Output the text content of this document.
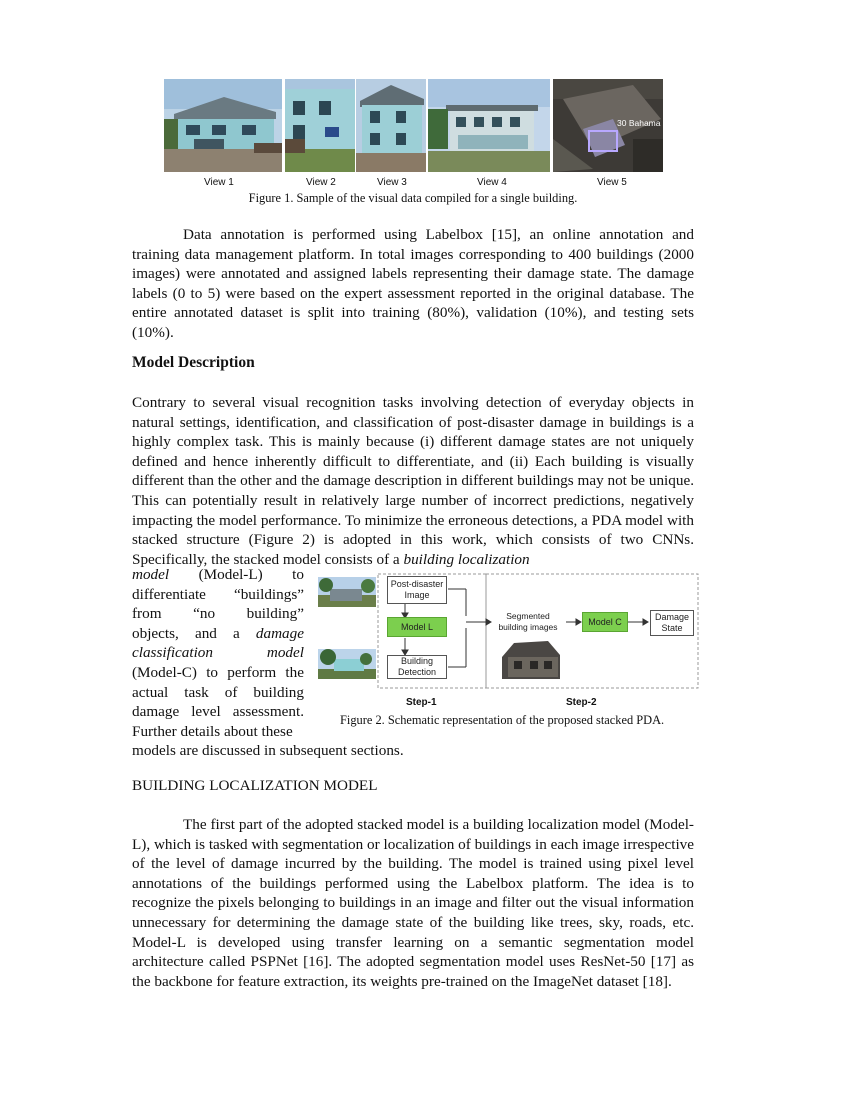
30 Bahama
View 1	View 2	View 3	View 4	View 5
Figure 1. Sample of the visual data compiled for a single building.
Data annotation is performed using Labelbox [15], an online annotation and training data management platform. In total images corresponding to 400 buildings (2000 images) were annotated and assigned labels representing their damage state. The damage labels (0 to 5) were based on the expert assessment reported in the original database. The entire annotated dataset is split into training (80%), validation (10%), and testing sets (10%).
Model Description
Contrary to several visual recognition tasks involving detection of everyday objects in natural settings, identification, and classification of post-disaster damage in buildings is a highly complex task. This is mainly because (i) different damage states are not uniquely defined and hence inherently difficult to differentiate, and (ii) Each building is visually different than the other and the damage description in different buildings may not be unique. This can potentially result in relatively large number of incorrect predictions, negatively impacting the model performance. To minimize the erroneous detections, a PDA model with stacked structure (Figure 2) is adopted in this work, which consists of two CNNs. Specifically, the stacked model consists of a building localization
model (Model-L) to
differentiate “buildings”
from “no building”
objects, and a damage
classification model
(Model-C) to perform the
actual task of building
damage level assessment.
Further details about these
models are discussed in subsequent sections.
Post-disaster Image
Model L
Building Detection
Segmented building images
Model C	Damage State
Step-1	Step-2
Figure 2. Schematic representation of the proposed stacked PDA.
BUILDING LOCALIZATION MODEL
The first part of the adopted stacked model is a building localization model (Model-L), which is tasked with segmentation or localization of buildings in each image irrespective of the level of damage incurred by the building. The model is trained using pixel level annotations of the buildings performed using the Labelbox platform. The idea is to recognize the pixels belonging to buildings in an image and filter out the visual information unnecessary for determining the damage state of the building like trees, sky, roads, etc. Model-L is developed using transfer learning on a semantic segmentation model architecture called PSPNet [16]. The adopted segmentation model uses ResNet-50 [17] as the backbone for feature extraction, its weights pre-trained on the ImageNet dataset [18].
